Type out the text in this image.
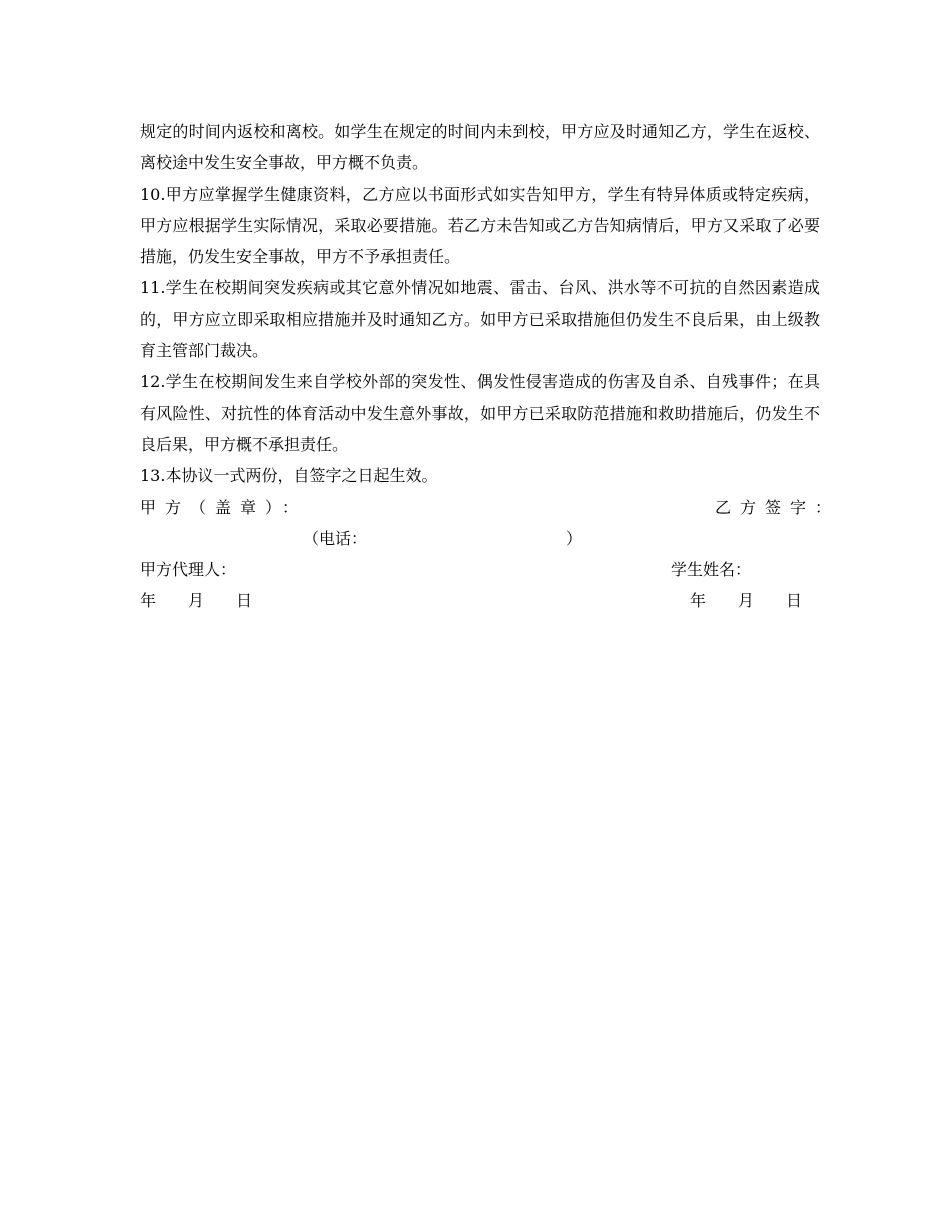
规定的时间内返校和离校。如学生在规定的时间内未到校，甲方应及时通知乙方，学生在返校、离校途中发生安全事故，甲方概不负责。

10.甲方应掌握学生健康资料，乙方应以书面形式如实告知甲方，学生有特异体质或特定疾病，甲方应根据学生实际情况，采取必要措施。若乙方未告知或乙方告知病情后，甲方又采取了必要措施，仍发生安全事故，甲方不予承担责任。

11.学生在校期间突发疾病或其它意外情况如地震、雷击、台风、洪水等不可抗的自然因素造成的，甲方应立即采取相应措施并及时通知乙方。如甲方已采取措施但仍发生不良后果，由上级教育主管部门裁决。

12.学生在校期间发生来自学校外部的突发性、偶发性侵害造成的伤害及自杀、自残事件；在具有风险性、对抗性的体育活动中发生意外事故，如甲方已采取防范措施和救助措施后，仍发生不良后果，甲方概不承担责任。

13.本协议一式两份，自签字之日起生效。

甲方（盖章）：	乙方签字：
（电话：	）
甲方代理人：	学生姓名：
年　　月　　日	年　　月　　日
